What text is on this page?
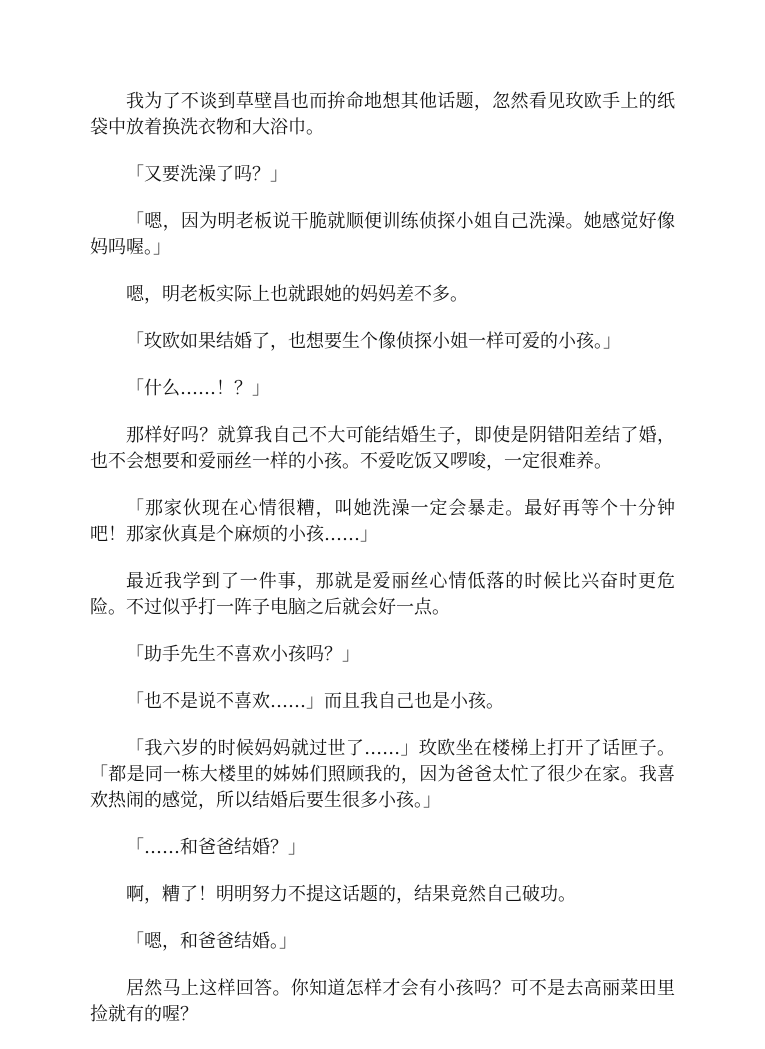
我为了不谈到草壁昌也而拚命地想其他话题，忽然看见玫欧手上的纸袋中放着换洗衣物和大浴巾。

「又要洗澡了吗？」

「嗯，因为明老板说干脆就顺便训练侦探小姐自己洗澡。她感觉好像妈吗喔。」

嗯，明老板实际上也就跟她的妈妈差不多。

「玫欧如果结婚了，也想要生个像侦探小姐一样可爱的小孩。」

「什么……！？」

那样好吗？就算我自己不大可能结婚生子，即使是阴错阳差结了婚，也不会想要和爱丽丝一样的小孩。不爱吃饭又啰唆，一定很难养。

「那家伙现在心情很糟，叫她洗澡一定会暴走。最好再等个十分钟吧！那家伙真是个麻烦的小孩……」

最近我学到了一件事，那就是爱丽丝心情低落的时候比兴奋时更危险。不过似乎打一阵子电脑之后就会好一点。

「助手先生不喜欢小孩吗？」

「也不是说不喜欢……」而且我自己也是小孩。

「我六岁的时候妈妈就过世了……」玫欧坐在楼梯上打开了话匣子。「都是同一栋大楼里的姊姊们照顾我的，因为爸爸太忙了很少在家。我喜欢热闹的感觉，所以结婚后要生很多小孩。」

「……和爸爸结婚？」

啊，糟了！明明努力不提这话题的，结果竟然自己破功。

「嗯，和爸爸结婚。」

居然马上这样回答。你知道怎样才会有小孩吗？可不是去高丽菜田里捡就有的喔？
